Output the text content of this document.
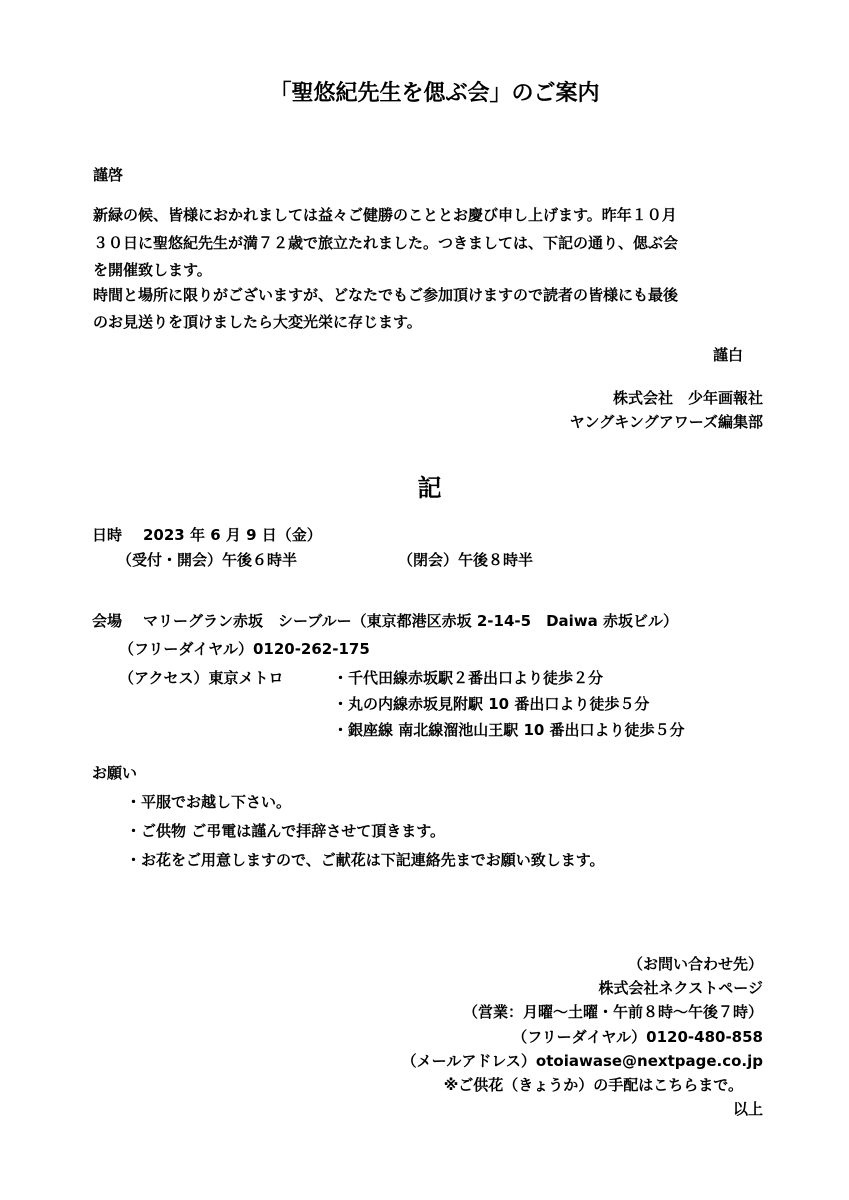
「聖悠紀先生を偲ぶ会」のご案内
謹啓
新緑の候、皆様におかれましては益々ご健勝のこととお慶び申し上げます。昨年１０月
３０日に聖悠紀先生が満７２歳で旅立たれました。つきましては、下記の通り、偲ぶ会
を開催致します。
時間と場所に限りがございますが、どなたでもご参加頂けますので読者の皆様にも最後
のお見送りを頂けましたら大変光栄に存じます。
謹白
株式会社　少年画報社
ヤングキングアワーズ編集部
記
日時 2023 年 6 月 9 日（金）
（受付・開会）午後６時半	（閉会）午後８時半
会場 マリーグラン赤坂　シーブルー（東京都港区赤坂 2-14-5　Daiwa 赤坂ビル）
（フリーダイヤル）0120-262-175
（アクセス）東京メトロ	・千代田線赤坂駅２番出口より徒歩２分
・丸の内線赤坂見附駅 10 番出口より徒歩５分
・銀座線 南北線溜池山王駅 10 番出口より徒歩５分
お願い
・平服でお越し下さい。
・ご供物 ご弔電は謹んで拝辞させて頂きます。
・お花をご用意しますので、ご献花は下記連絡先までお願い致します。
（お問い合わせ先）
株式会社ネクストページ
（営業：月曜～土曜・午前８時～午後７時）
（フリーダイヤル）0120-480-858
（メールアドレス）otoiawase@nextpage.co.jp
※ご供花（きょうか）の手配はこちらまで。
以上
